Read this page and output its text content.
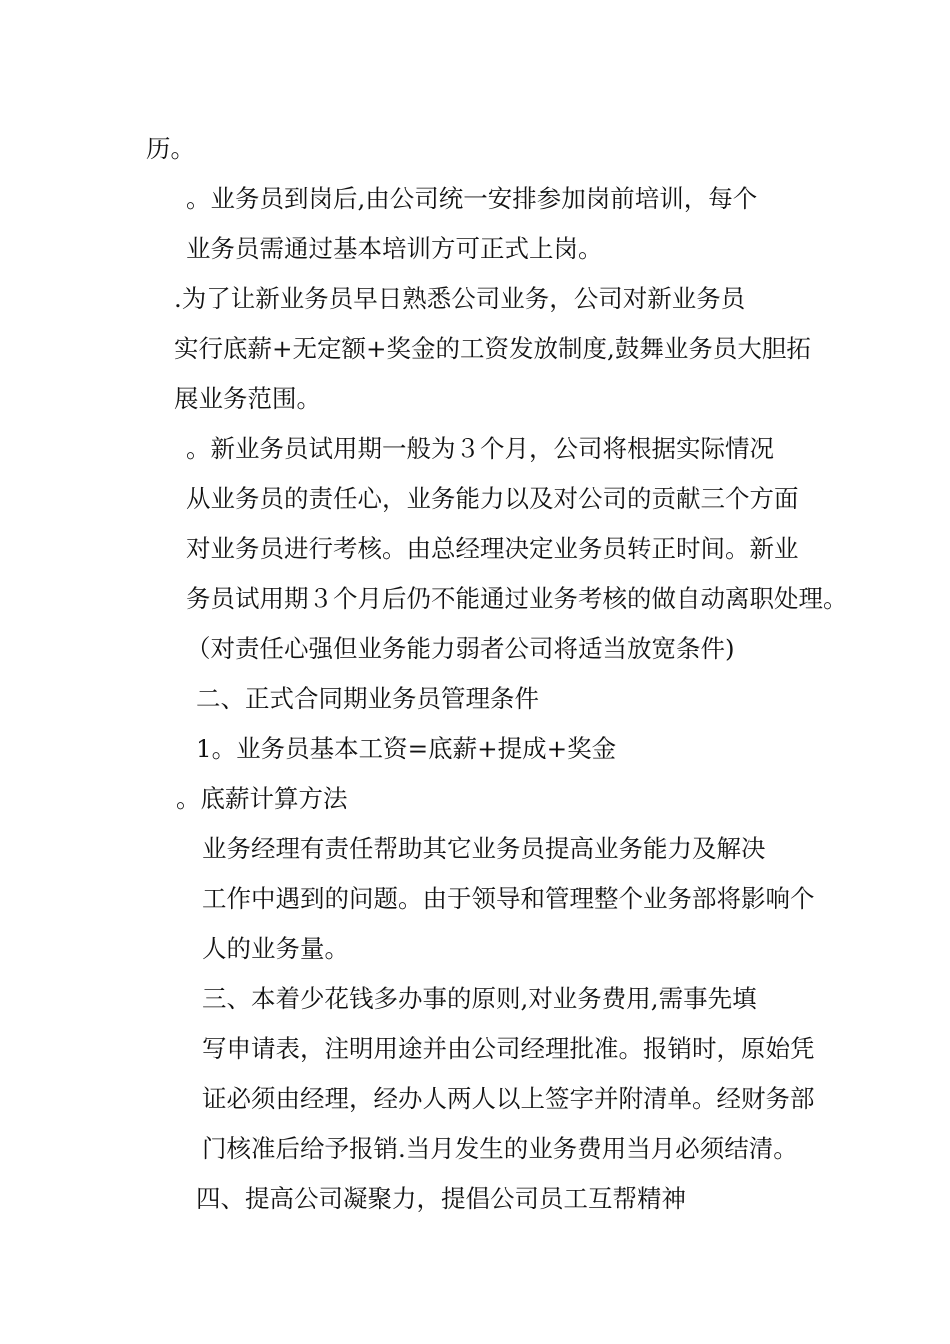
历。

。业务员到岗后,由公司统一安排参加岗前培训，每个
业务员需通过基本培训方可正式上岗。

.为了让新业务员早日熟悉公司业务，公司对新业务员
实行底薪+无定额+奖金的工资发放制度,鼓舞业务员大胆拓
展业务范围。

。新业务员试用期一般为３个月，公司将根据实际情况
从业务员的责任心，业务能力以及对公司的贡献三个方面
对业务员进行考核。由总经理决定业务员转正时间。新业
务员试用期３个月后仍不能通过业务考核的做自动离职处理。
（对责任心强但业务能力弱者公司将适当放宽条件)

二、正式合同期业务员管理条件

1。业务员基本工资=底薪+提成+奖金

。底薪计算方法

业务经理有责任帮助其它业务员提高业务能力及解决
工作中遇到的问题。由于领导和管理整个业务部将影响个
人的业务量。

三、本着少花钱多办事的原则,对业务费用,需事先填
写申请表，注明用途并由公司经理批准。报销时，原始凭
证必须由经理，经办人两人以上签字并附清单。经财务部
门核准后给予报销.当月发生的业务费用当月必须结清。

四、提高公司凝聚力，提倡公司员工互帮精神
